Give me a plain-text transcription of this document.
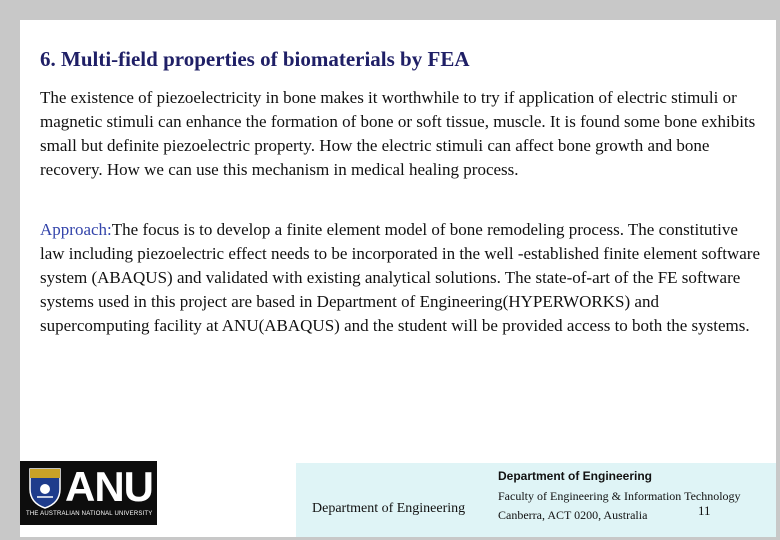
6. Multi-field properties of biomaterials by FEA

The existence of piezoelectricity in bone makes it worthwhile to try if application of electric stimuli or magnetic stimuli can enhance the formation of bone or soft tissue, muscle. It is found some bone exhibits small but definite piezoelectric property. How the electric stimuli can affect bone growth and bone recovery. How we can use this mechanism in medical healing process.

Approach:The focus is to develop a finite element model of bone remodeling process. The constitutive law including piezoelectric effect needs to be incorporated in the well -established finite element software system (ABAQUS) and validated with existing analytical solutions. The state-of-art of the FE software systems used in this project are based in Department of Engineering(HYPERWORKS) and supercomputing facility at ANU(ABAQUS) and the student will be provided access to both the systems.

ANU
THE AUSTRALIAN NATIONAL UNIVERSITY	Department of Engineering
Department of Engineering
Faculty of Engineering & Information Technology
Canberra, ACT 0200, Australia	11
